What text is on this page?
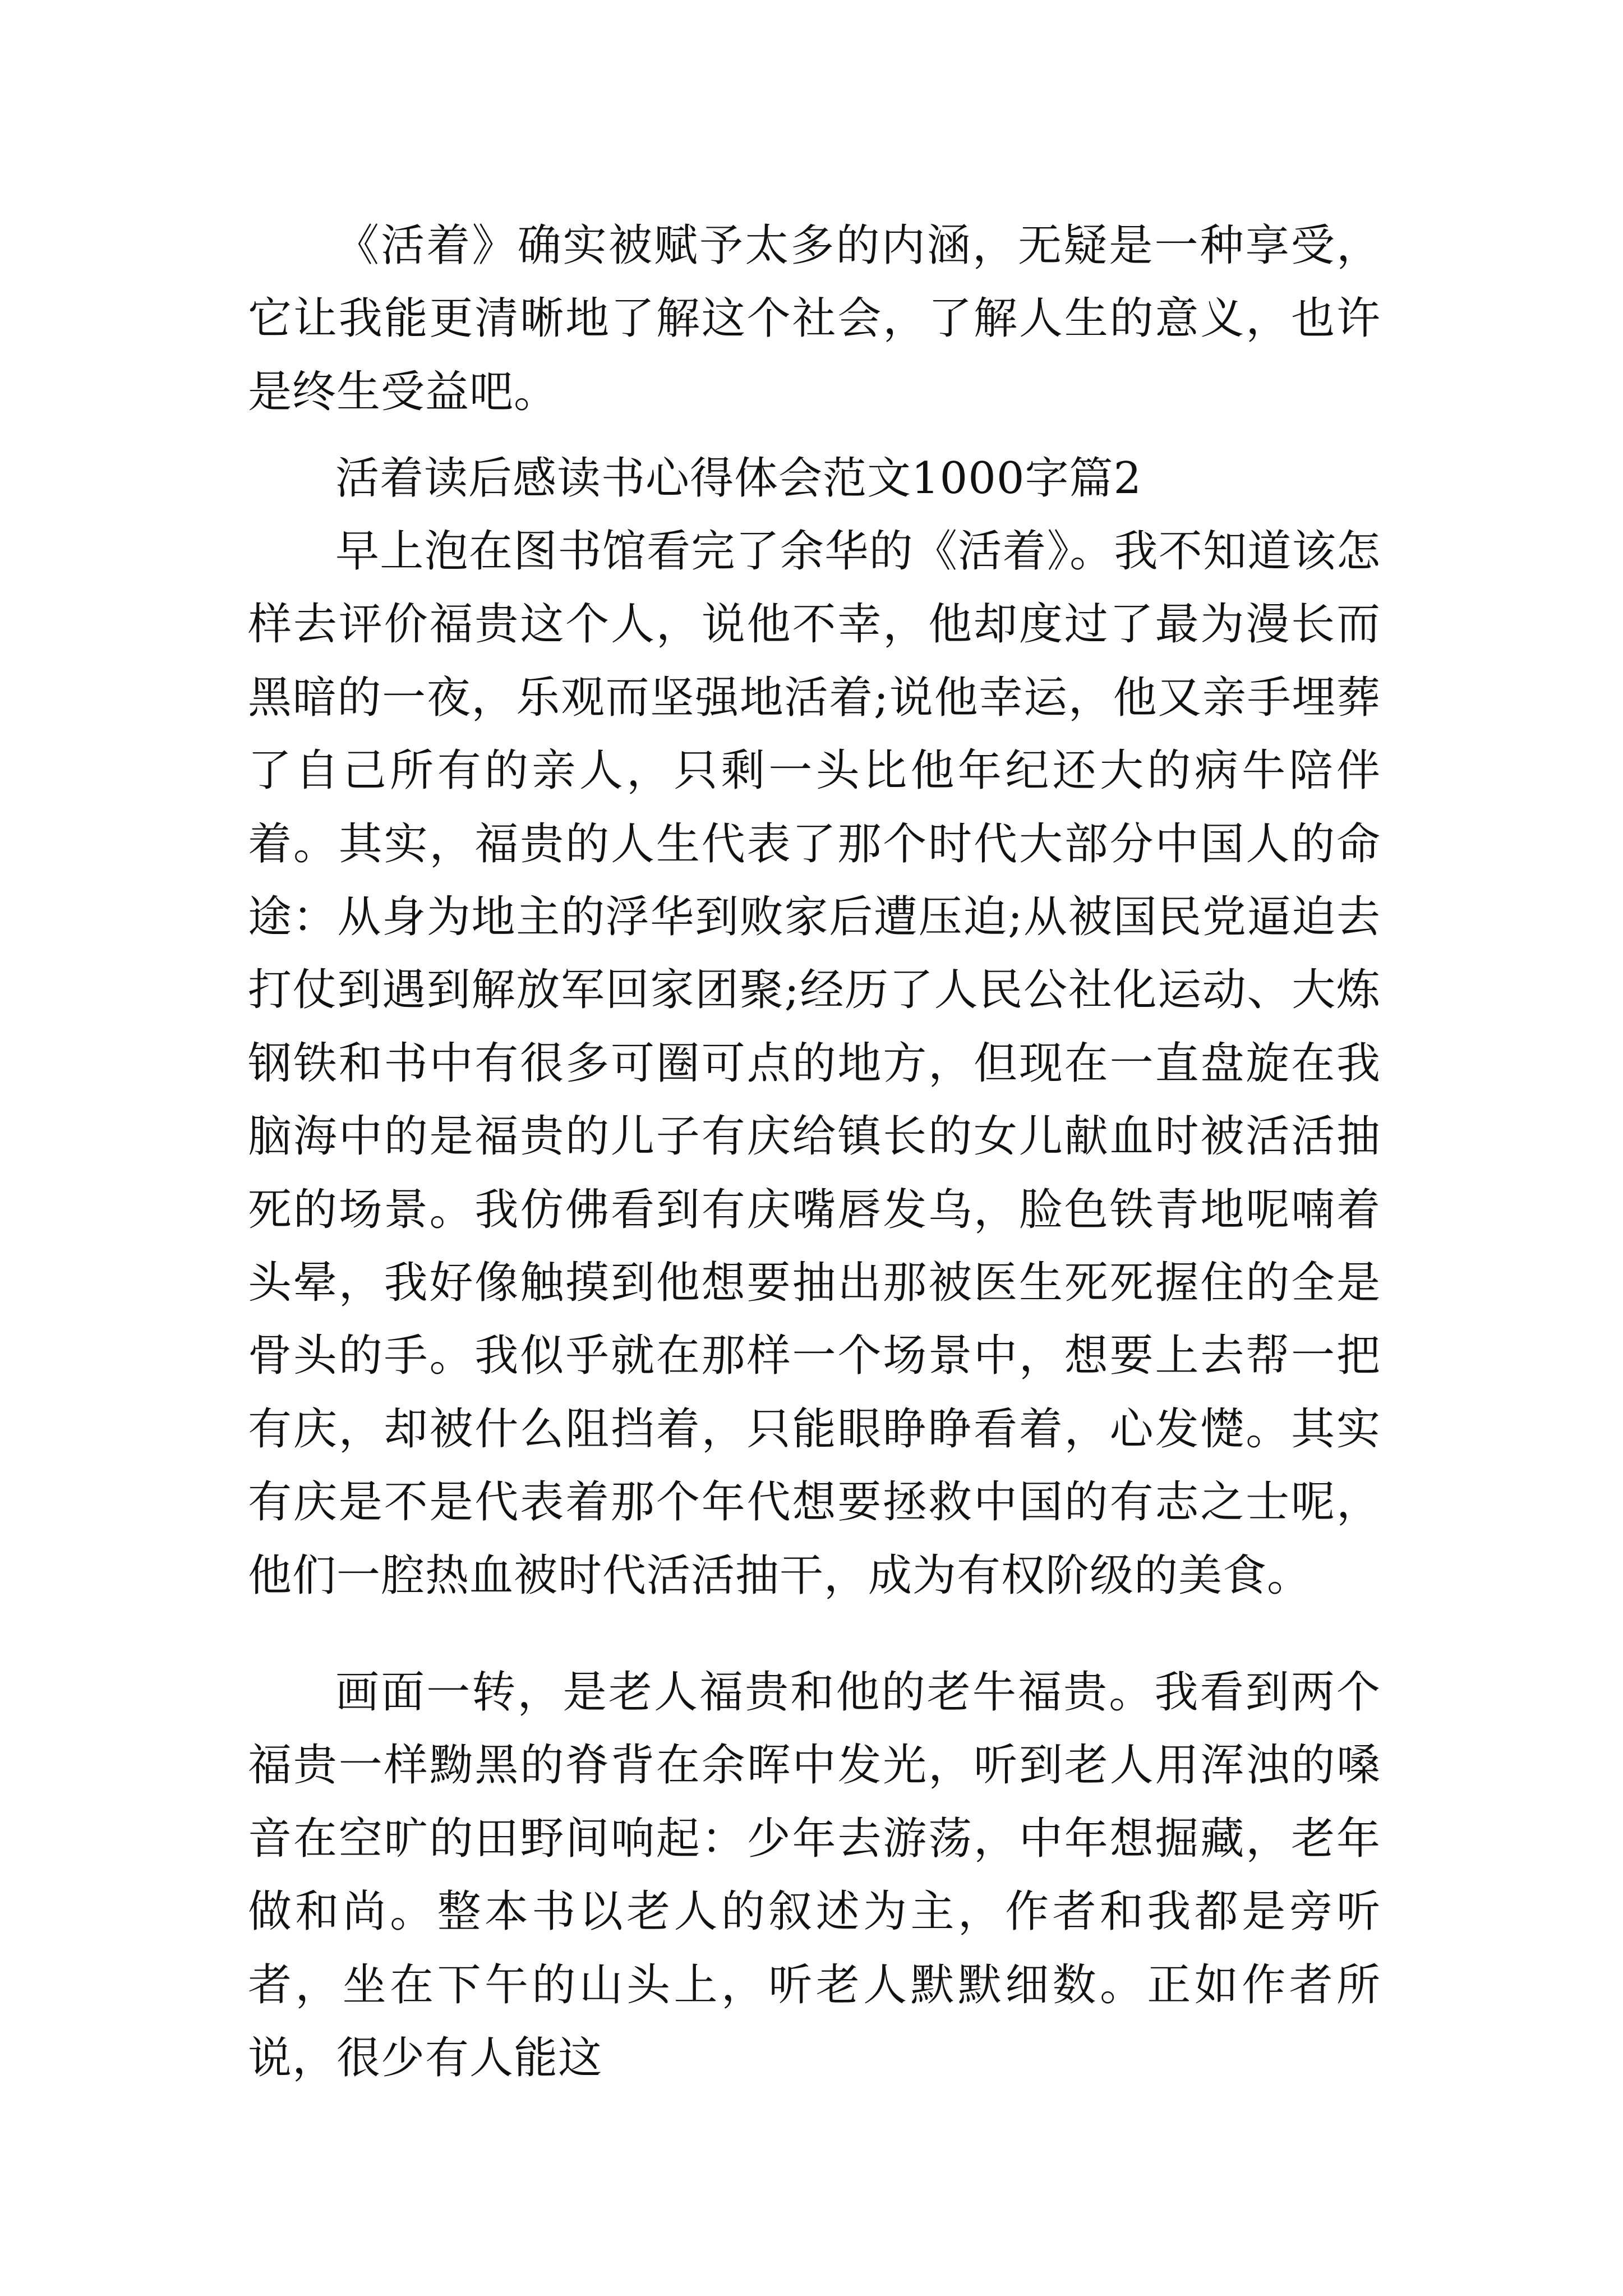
《活着》确实被赋予太多的内涵，无疑是一种享受，它让我能更清晰地了解这个社会，了解人生的意义，也许是终生受益吧。

活着读后感读书心得体会范文1000字篇2

早上泡在图书馆看完了余华的《活着》。我不知道该怎样去评价福贵这个人，说他不幸，他却度过了最为漫长而黑暗的一夜，乐观而坚强地活着;说他幸运，他又亲手埋葬了自己所有的亲人，只剩一头比他年纪还大的病牛陪伴着。其实，福贵的人生代表了那个时代大部分中国人的命途：从身为地主的浮华到败家后遭压迫;从被国民党逼迫去打仗到遇到解放军回家团聚;经历了人民公社化运动、大炼钢铁和书中有很多可圈可点的地方，但现在一直盘旋在我脑海中的是福贵的儿子有庆给镇长的女儿献血时被活活抽死的场景。我仿佛看到有庆嘴唇发乌，脸色铁青地呢喃着头晕，我好像触摸到他想要抽出那被医生死死握住的全是骨头的手。我似乎就在那样一个场景中，想要上去帮一把有庆，却被什么阻挡着，只能眼睁睁看着，心发憷。其实有庆是不是代表着那个年代想要拯救中国的有志之士呢，他们一腔热血被时代活活抽干，成为有权阶级的美食。

画面一转，是老人福贵和他的老牛福贵。我看到两个福贵一样黝黑的脊背在余晖中发光，听到老人用浑浊的嗓音在空旷的田野间响起：少年去游荡，中年想掘藏，老年做和尚。整本书以老人的叙述为主，作者和我都是旁听者，坐在下午的山头上，听老人默默细数。正如作者所说，很少有人能这
